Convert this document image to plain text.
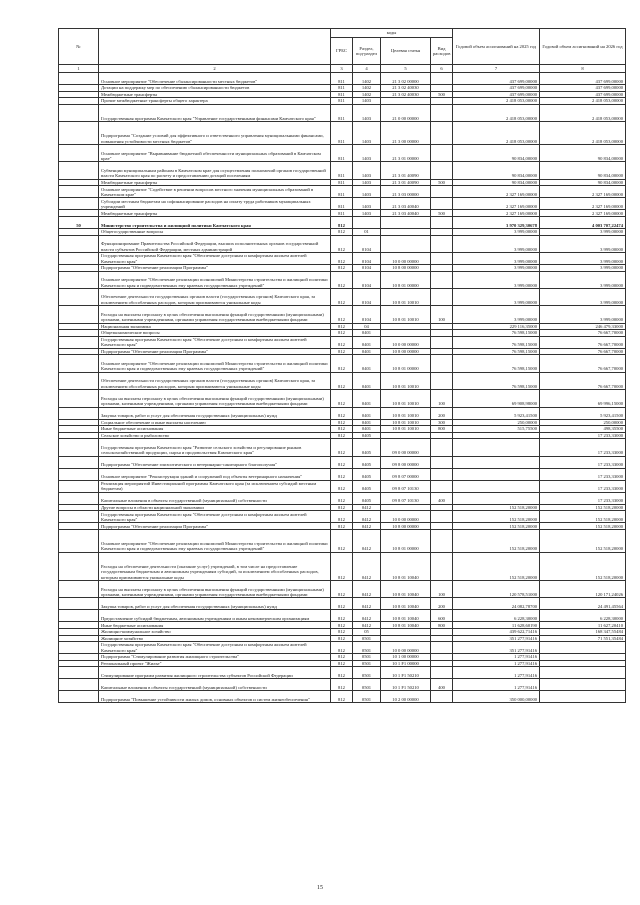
№		коды				Годовой объем ассигнований на 2025 год	Годовой объем ассигнований на 2026 год
		ГРБС	Раздел, под-раздел	Целевая статья	Вид расходов		
1	2	3	4	5	6	7	8
	Основное мероприятие "Обеспечение сбалансированности местных бюджетов"	811	1402	21 3 02 00000		437 699,00000	437 699,00000
	Дотации на поддержку мер по обеспечению сбалансированности бюджетов	811	1402	21 3 02 40030		437 699,00000	437 699,00000
	Межбюджетные трансферты	811	1402	21 3 02 40030	500	437 699,00000	437 699,00000
	Прочие межбюджетные трансферты общего характера	811	1403			2 418 053,00000	2 418 053,00000
	Государственная программа Камчатского края "Управление государственными финансами Камчатского края"	811	1403	21 0 00 00000		2 418 053,00000	2 418 053,00000
	Подпрограмма "Создание условий для эффективного и ответственного управления муниципальными финансами, повышения устойчивости местных бюджетов"	811	1403	21 3 00 00000		2 418 053,00000	2 418 053,00000
	Основное мероприятие "Выравнивание бюджетной обеспеченности муниципальных образований в Камчатском крае"	811	1403	21 3 01 00000		90 834,00000	90 834,00000
	Субвенции муниципальным районам в Камчатском крае для осуществления полномочий органов государственной власти Камчатского края по расчету и предоставлению дотаций поселениям	811	1403	21 3 01 40090		90 834,00000	90 834,00000
	Межбюджетные трансферты	811	1403	21 3 01 40090	500	90 834,00000	90 834,00000
	Основное мероприятие "Содействие в решении вопросов местного значения муниципальных образований в Камчатском крае"	811	1403	21 3 03 00000		2 327 169,00000	2 327 169,00000
	Субсидии местным бюджетам на софинансирование расходов на оплату труда работников муниципальных учреждений	811	1403	21 3 03 40040		2 327 169,00000	2 327 169,00000
	Межбюджетные трансферты	811	1403	21 3 03 40040	500	2 327 169,00000	2 327 169,00000
50	Министерство строительства и жилищной политики Камчатского края	812				3 970 329,30678	4 003 707,22474
	Общегосударственные вопросы	812	01			3 999,00000	3 999,00000
	Функционирование Правительства Российской Федерации, высших исполнительных органов государственной власти субъектов Российской Федерации, местных администраций	812	0104			3 999,00000	3 999,00000
	Государственная программа Камчатского края "Обеспечение доступным и комфортным жильем жителей Камчатского края"	812	0104	10 0 00 00000		3 999,00000	3 999,00000
	Подпрограмма "Обеспечение реализации Программы"	812	0104	10 8 00 00000		3 999,00000	3 999,00000
	Основное мероприятие "Обеспечение реализации полномочий Министерства строительства и жилищной политики Камчатского края и подведомственных ему краевых государственных учреждений"	812	0104	10 8 01 00000		3 999,00000	3 999,00000
	Обеспечение деятельности государственных органов власти (государственных органов) Камчатского края, за исключением обособленных расходов, которым присваиваются уникальные коды	812	0104	10 8 01 10010		3 999,00000	3 999,00000
	Расходы на выплаты персоналу в целях обеспечения выполнения функций государственными (муниципальными) органами, казенными учреждениями, органами управления государственными внебюджетными фондами	812	0104	10 8 01 10010	100	3 999,00000	3 999,00000
	Национальная экономика	812	04			229 116,35000	246 479,33000
	Общеэкономические вопросы	812	0401			76 598,15000	76 667,70000
	Государственная программа Камчатского края "Обеспечение доступным и комфортным жильем жителей Камчатского края"	812	0401	10 0 00 00000		76 598,15000	76 667,70000
	Подпрограмма "Обеспечение реализации Программы"	812	0401	10 8 00 00000		76 598,15000	76 667,70000
	Основное мероприятие "Обеспечение реализации полномочий Министерства строительства и жилищной политики Камчатского края и подведомственных ему краевых государственных учреждений"	812	0401	10 8 01 00000		76 598,15000	76 667,70000
	Обеспечение деятельности государственных органов власти (государственных органов) Камчатского края, за исключением обособленных расходов, которым присваиваются уникальные коды	812	0401	10 8 01 10010		76 598,15000	76 667,70000
	Расходы на выплаты персоналу в целях обеспечения выполнения функций государственными (муниципальными) органами, казенными учреждениями, органами управления государственными внебюджетными фондами	812	0401	10 8 01 10010	100	69 908,98000	69 996,15000
	Закупка товаров, работ и услуг для обеспечения государственных (муниципальных) нужд	812	0401	10 8 01 10010	200	5 923,41500	5 923,41500
	Социальное обеспечение и иные выплаты населению	812	0401	10 8 01 10010	300	250,00000	250,00000
	Иные бюджетные ассигнования	812	0401	10 8 01 10010	800	515,75500	498,35500
	Сельское хозяйство и рыболовство	812	0405				17 233,33000
	Государственная программа Камчатского края "Развитие сельского хозяйства и регулирование рынков сельскохозяйственной продукции, сырья и продовольствия Камчатского края"	812	0405	09 0 00 00000			17 233,33000
	Подпрограмма "Обеспечение эпизоотического и ветеринарно-санитарного благополучия"	812	0405	09 8 00 00000			17 233,33000
	Основное мероприятие "Реконструкция зданий и сооружений под объекты ветеринарного назначения"	812	0405	09 8 07 00000			17 233,33000
	Реализация мероприятий Инвестиционной программы Камчатского края (за исключением субсидий местным бюджетам)	812	0405	09 8 07 10130			17 233,33000
	Капитальные вложения в объекты государственной (муниципальной) собственности	812	0405	09 8 07 10130	400		17 233,33000
	Другие вопросы в области национальной экономики	812	0412			152 518,20000	152 518,20000
	Государственная программа Камчатского края "Обеспечение доступным и комфортным жильем жителей Камчатского края"	812	0412	10 0 00 00000		152 518,20000	152 518,20000
	Подпрограмма "Обеспечение реализации Программы"	812	0412	10 8 00 00000		152 518,20000	152 518,20000
	Основное мероприятие "Обеспечение реализации полномочий Министерства строительства и жилищной политики Камчатского края и подведомственных ему краевых государственных учреждений"	812	0412	10 8 01 00000		152 518,20000	152 518,20000
	Расходы на обеспечение деятельности (оказание услуг) учреждений, в том числе на предоставление государственным бюджетным и автономным учреждениям субсидий, за исключением обособленных расходов, которым присваиваются уникальные коды	812	0412	10 8 01 10040		152 518,20000	152 518,20000
	Расходы на выплаты персоналу в целях обеспечения выполнения функций государственными (муниципальными) органами, казенными учреждениями, органами управления государственными внебюджетными фондами	812	0412	10 8 01 10040	100	120 578,51000	120 171,24026
	Закупка товаров, работ и услуг для обеспечения государственных (муниципальных) нужд	812	0412	10 8 01 10040	200	24 082,78700	24 491,45564
	Предоставление субсидий бюджетным, автономным учреждениям и иным некоммерческим организациям	812	0412	10 8 01 10040	600	6 228,30000	6 228,30000
	Иные бюджетные ассигнования	812	0412	10 8 01 10040	800	11 628,60190	11 627,20410
	Жилищно-коммунальное хозяйство	812	05			439 622,71416	168 347,55484
	Жилищное хозяйство	812	0501			351 277,91416	71 551,35484
	Государственная программа Камчатского края "Обеспечение доступным и комфортным жильем жителей Камчатского края"	812	0501	10 0 00 00000		351 277,91416	
	Подпрограмма "Стимулирование развития жилищного строительства"	812	0501	10 1 00 00000		1 277,91416	
	Региональный проект "Жилье"	812	0501	10 1 F1 00000		1 277,91416	
	Стимулирование программ развития жилищного строительства субъектов Российской Федерации	812	0501	10 1 F1 50210		1 277,91416	
	Капитальные вложения в объекты государственной (муниципальной) собственности	812	0501	10 1 F1 50210	400	1 277,91416	
	Подпрограмма "Повышение устойчивости жилых домов, основных объектов и систем жизнеобеспечения"	812	0501	10 2 00 00000		350 000,00000	
15
